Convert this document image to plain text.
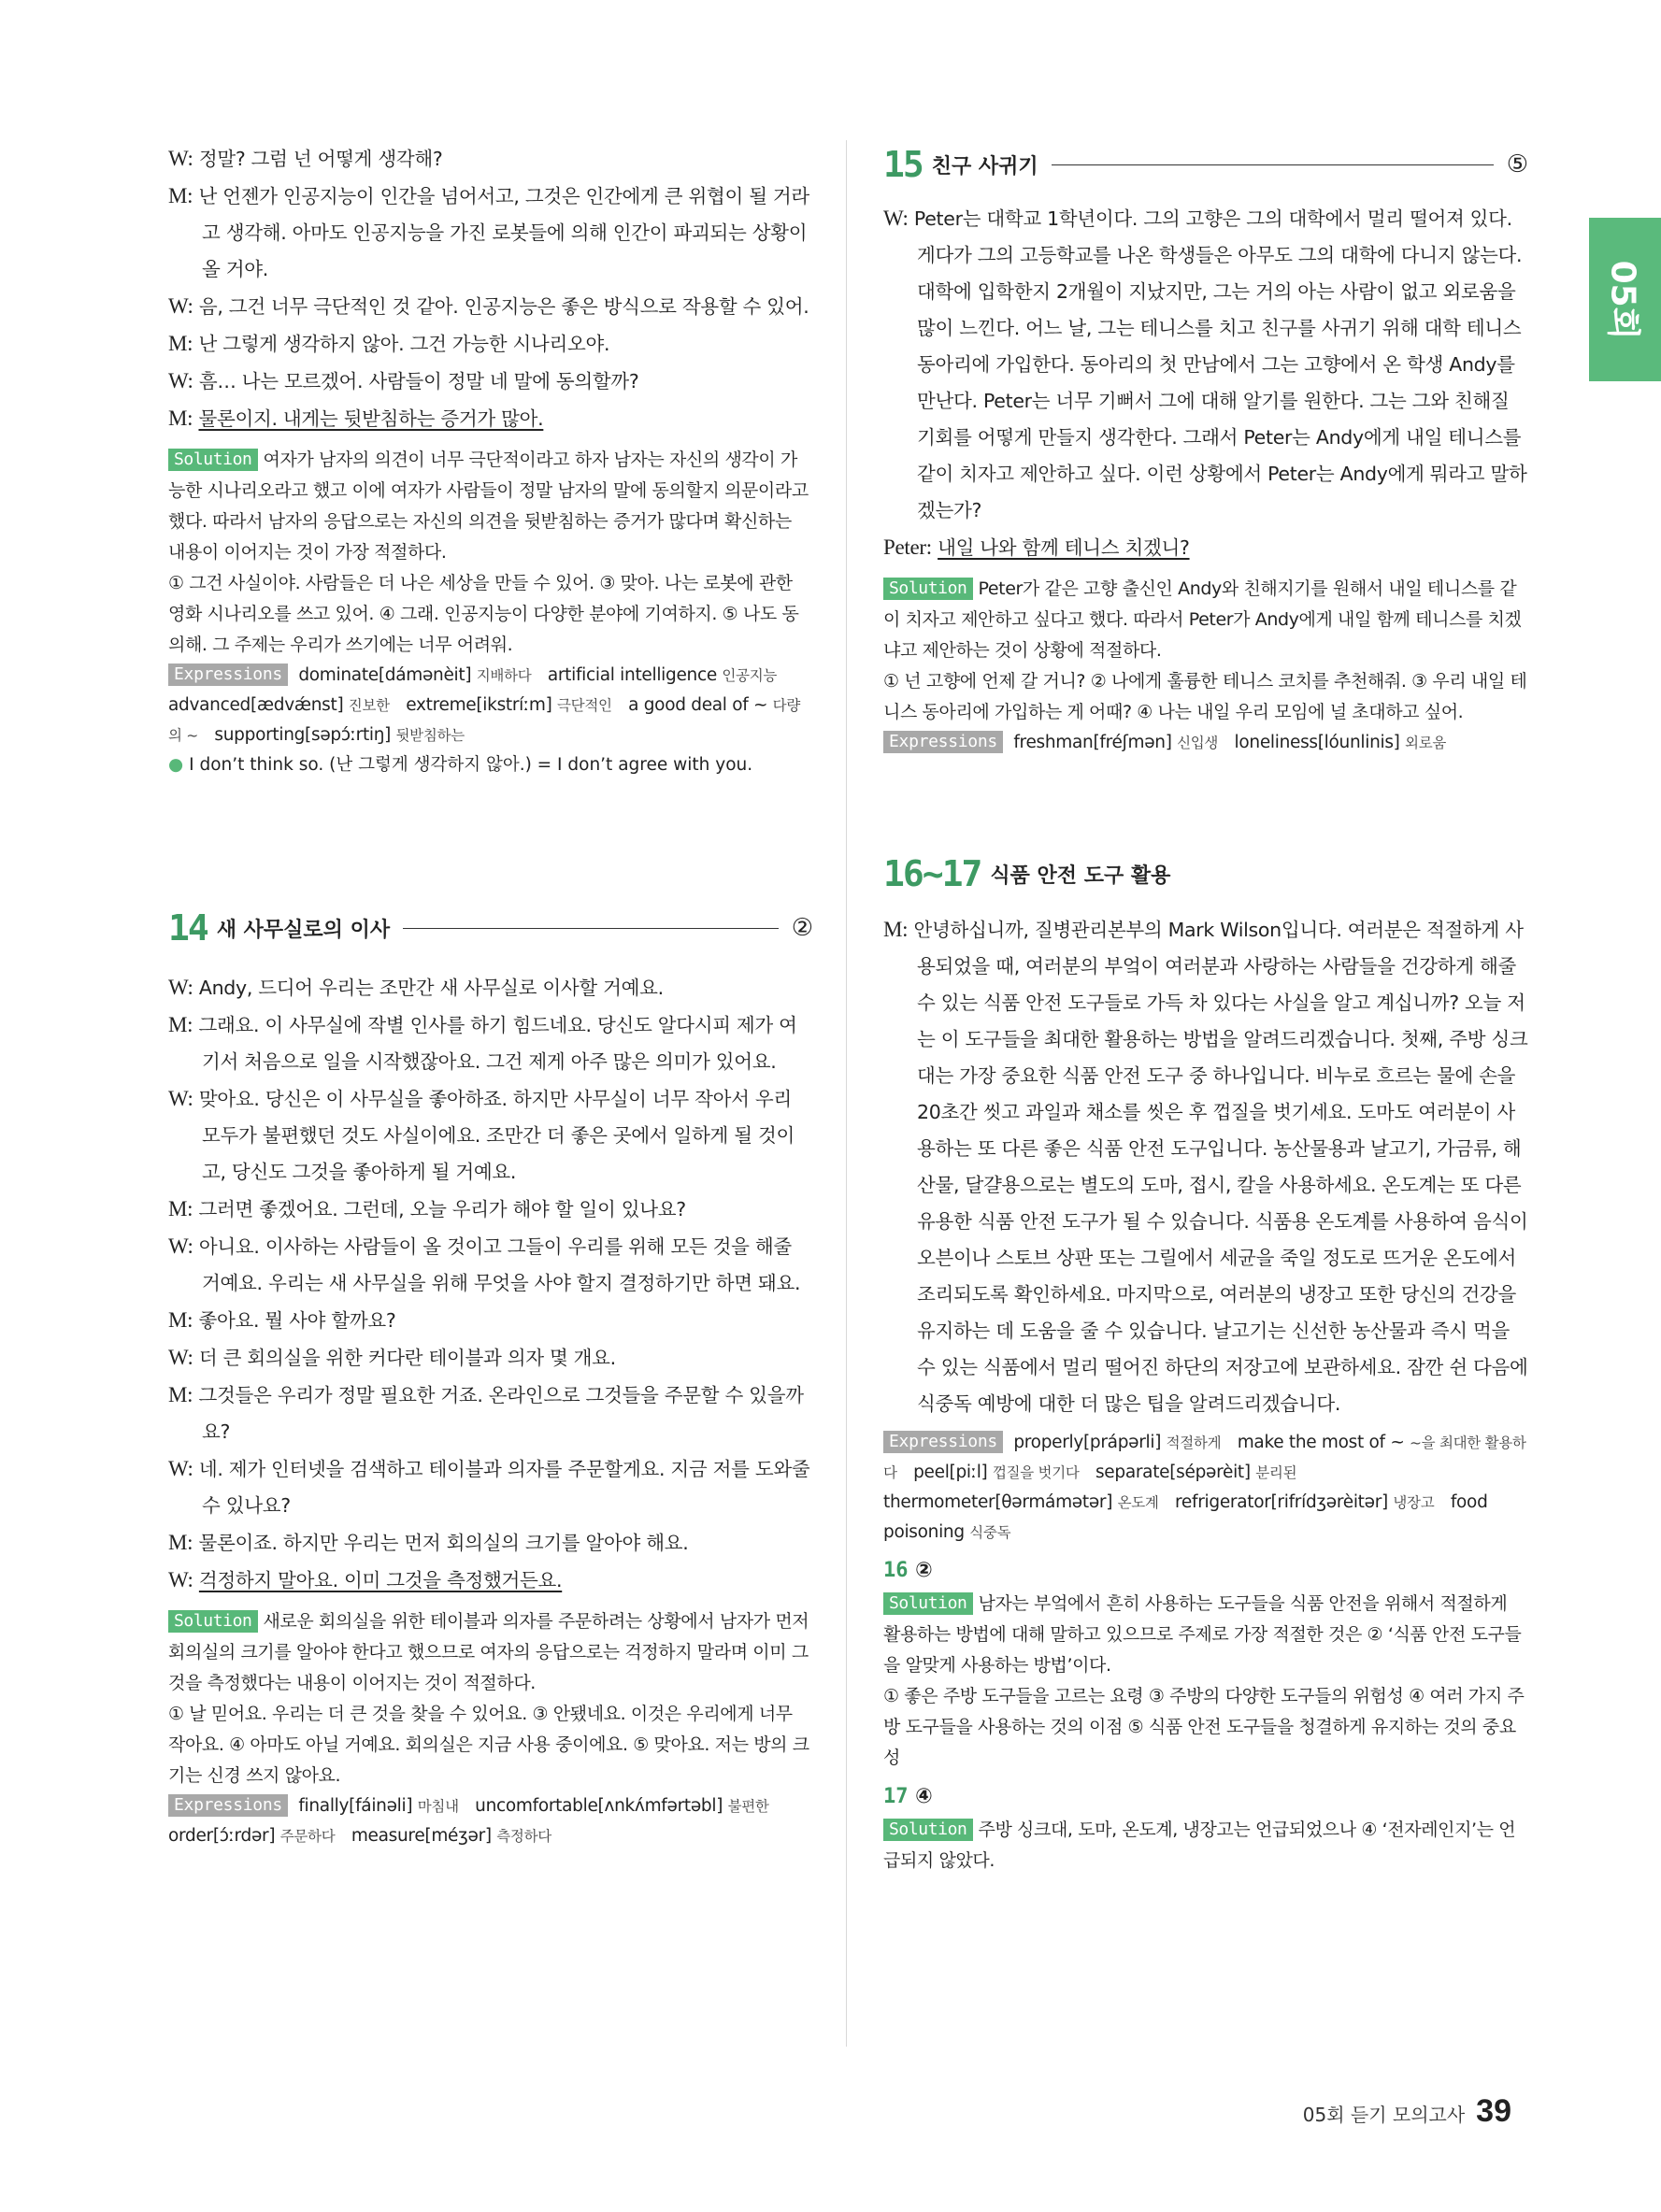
05회

W: 정말? 그럼 넌 어떻게 생각해?

M: 난 언젠가 인공지능이 인간을 넘어서고, 그것은 인간에게 큰 위협이 될 거라고 생각해. 아마도 인공지능을 가진 로봇들에 의해 인간이 파괴되는 상황이 올 거야.

W: 음, 그건 너무 극단적인 것 같아. 인공지능은 좋은 방식으로 작용할 수 있어.

M: 난 그렇게 생각하지 않아. 그건 가능한 시나리오야.

W: 흠… 나는 모르겠어. 사람들이 정말 네 말에 동의할까?

M: 물론이지. 내게는 뒷받침하는 증거가 많아.

Solution 여자가 남자의 의견이 너무 극단적이라고 하자 남자는 자신의 생각이 가능한 시나리오라고 했고 이에 여자가 사람들이 정말 남자의 말에 동의할지 의문이라고 했다. 따라서 남자의 응답으로는 자신의 의견을 뒷받침하는 증거가 많다며 확신하는 내용이 이어지는 것이 가장 적절하다.

① 그건 사실이야. 사람들은 더 나은 세상을 만들 수 있어. ③ 맞아. 나는 로봇에 관한 영화 시나리오를 쓰고 있어. ④ 그래. 인공지능이 다양한 분야에 기여하지. ⑤ 나도 동의해. 그 주제는 우리가 쓰기에는 너무 어려워.

Expressions dominate[dámənèit] 지배하다 artificial intelligence 인공지능 advanced[ædvǽnst] 진보한 extreme[ikstríːm] 극단적인 a good deal of ~ 다량의 ~ supporting[səpɔ́ːrtiŋ] 뒷받침하는

● I don’t think so. (난 그렇게 생각하지 않아.) = I don’t agree with you.

14 새 사무실로의 이사	②

W: Andy, 드디어 우리는 조만간 새 사무실로 이사할 거예요.

M: 그래요. 이 사무실에 작별 인사를 하기 힘드네요. 당신도 알다시피 제가 여기서 처음으로 일을 시작했잖아요. 그건 제게 아주 많은 의미가 있어요.

W: 맞아요. 당신은 이 사무실을 좋아하죠. 하지만 사무실이 너무 작아서 우리 모두가 불편했던 것도 사실이에요. 조만간 더 좋은 곳에서 일하게 될 것이고, 당신도 그것을 좋아하게 될 거예요.

M: 그러면 좋겠어요. 그런데, 오늘 우리가 해야 할 일이 있나요?

W: 아니요. 이사하는 사람들이 올 것이고 그들이 우리를 위해 모든 것을 해줄 거예요. 우리는 새 사무실을 위해 무엇을 사야 할지 결정하기만 하면 돼요.

M: 좋아요. 뭘 사야 할까요?

W: 더 큰 회의실을 위한 커다란 테이블과 의자 몇 개요.

M: 그것들은 우리가 정말 필요한 거죠. 온라인으로 그것들을 주문할 수 있을까요?

W: 네. 제가 인터넷을 검색하고 테이블과 의자를 주문할게요. 지금 저를 도와줄 수 있나요?

M: 물론이죠. 하지만 우리는 먼저 회의실의 크기를 알아야 해요.

W: 걱정하지 말아요. 이미 그것을 측정했거든요.

Solution 새로운 회의실을 위한 테이블과 의자를 주문하려는 상황에서 남자가 먼저 회의실의 크기를 알아야 한다고 했으므로 여자의 응답으로는 걱정하지 말라며 이미 그것을 측정했다는 내용이 이어지는 것이 적절하다.

① 날 믿어요. 우리는 더 큰 것을 찾을 수 있어요. ③ 안됐네요. 이것은 우리에게 너무 작아요. ④ 아마도 아닐 거예요. 회의실은 지금 사용 중이에요. ⑤ 맞아요. 저는 방의 크기는 신경 쓰지 않아요.

Expressions finally[fáinəli] 마침내 uncomfortable[ʌnkʌ́mfərtəbl] 불편한 order[ɔ́ːrdər] 주문하다 measure[méʒər] 측정하다

15 친구 사귀기	⑤

W: Peter는 대학교 1학년이다. 그의 고향은 그의 대학에서 멀리 떨어져 있다. 게다가 그의 고등학교를 나온 학생들은 아무도 그의 대학에 다니지 않는다. 대학에 입학한지 2개월이 지났지만, 그는 거의 아는 사람이 없고 외로움을 많이 느낀다. 어느 날, 그는 테니스를 치고 친구를 사귀기 위해 대학 테니스 동아리에 가입한다. 동아리의 첫 만남에서 그는 고향에서 온 학생 Andy를 만난다. Peter는 너무 기뻐서 그에 대해 알기를 원한다. 그는 그와 친해질 기회를 어떻게 만들지 생각한다. 그래서 Peter는 Andy에게 내일 테니스를 같이 치자고 제안하고 싶다. 이런 상황에서 Peter는 Andy에게 뭐라고 말하겠는가?

Peter: 내일 나와 함께 테니스 치겠니?

Solution Peter가 같은 고향 출신인 Andy와 친해지기를 원해서 내일 테니스를 같이 치자고 제안하고 싶다고 했다. 따라서 Peter가 Andy에게 내일 함께 테니스를 치겠냐고 제안하는 것이 상황에 적절하다.

① 넌 고향에 언제 갈 거니? ② 나에게 훌륭한 테니스 코치를 추천해줘. ③ 우리 내일 테니스 동아리에 가입하는 게 어때? ④ 나는 내일 우리 모임에 널 초대하고 싶어.

Expressions freshman[fréʃmən] 신입생 loneliness[lóunlinis] 외로움

16~17 식품 안전 도구 활용

M: 안녕하십니까, 질병관리본부의 Mark Wilson입니다. 여러분은 적절하게 사용되었을 때, 여러분의 부엌이 여러분과 사랑하는 사람들을 건강하게 해줄 수 있는 식품 안전 도구들로 가득 차 있다는 사실을 알고 계십니까? 오늘 저는 이 도구들을 최대한 활용하는 방법을 알려드리겠습니다. 첫째, 주방 싱크대는 가장 중요한 식품 안전 도구 중 하나입니다. 비누로 흐르는 물에 손을 20초간 씻고 과일과 채소를 씻은 후 껍질을 벗기세요. 도마도 여러분이 사용하는 또 다른 좋은 식품 안전 도구입니다. 농산물용과 날고기, 가금류, 해산물, 달걀용으로는 별도의 도마, 접시, 칼을 사용하세요. 온도계는 또 다른 유용한 식품 안전 도구가 될 수 있습니다. 식품용 온도계를 사용하여 음식이 오븐이나 스토브 상판 또는 그릴에서 세균을 죽일 정도로 뜨거운 온도에서 조리되도록 확인하세요. 마지막으로, 여러분의 냉장고 또한 당신의 건강을 유지하는 데 도움을 줄 수 있습니다. 날고기는 신선한 농산물과 즉시 먹을 수 있는 식품에서 멀리 떨어진 하단의 저장고에 보관하세요. 잠깐 쉰 다음에 식중독 예방에 대한 더 많은 팁을 알려드리겠습니다.

Expressions properly[prápərli] 적절하게 make the most of ~ ~을 최대한 활용하다 peel[piːl] 껍질을 벗기다 separate[sépərèit] 분리된 thermometer[θərmámətər] 온도계 refrigerator[rifrídʒərèitər] 냉장고 food poisoning 식중독

16 ②

Solution 남자는 부엌에서 흔히 사용하는 도구들을 식품 안전을 위해서 적절하게 활용하는 방법에 대해 말하고 있으므로 주제로 가장 적절한 것은 ② ‘식품 안전 도구들을 알맞게 사용하는 방법’이다.

① 좋은 주방 도구들을 고르는 요령 ③ 주방의 다양한 도구들의 위험성 ④ 여러 가지 주방 도구들을 사용하는 것의 이점 ⑤ 식품 안전 도구들을 청결하게 유지하는 것의 중요성

17 ④

Solution 주방 싱크대, 도마, 온도계, 냉장고는 언급되었으나 ④ ‘전자레인지’는 언급되지 않았다.

05회 듣기 모의고사 39
